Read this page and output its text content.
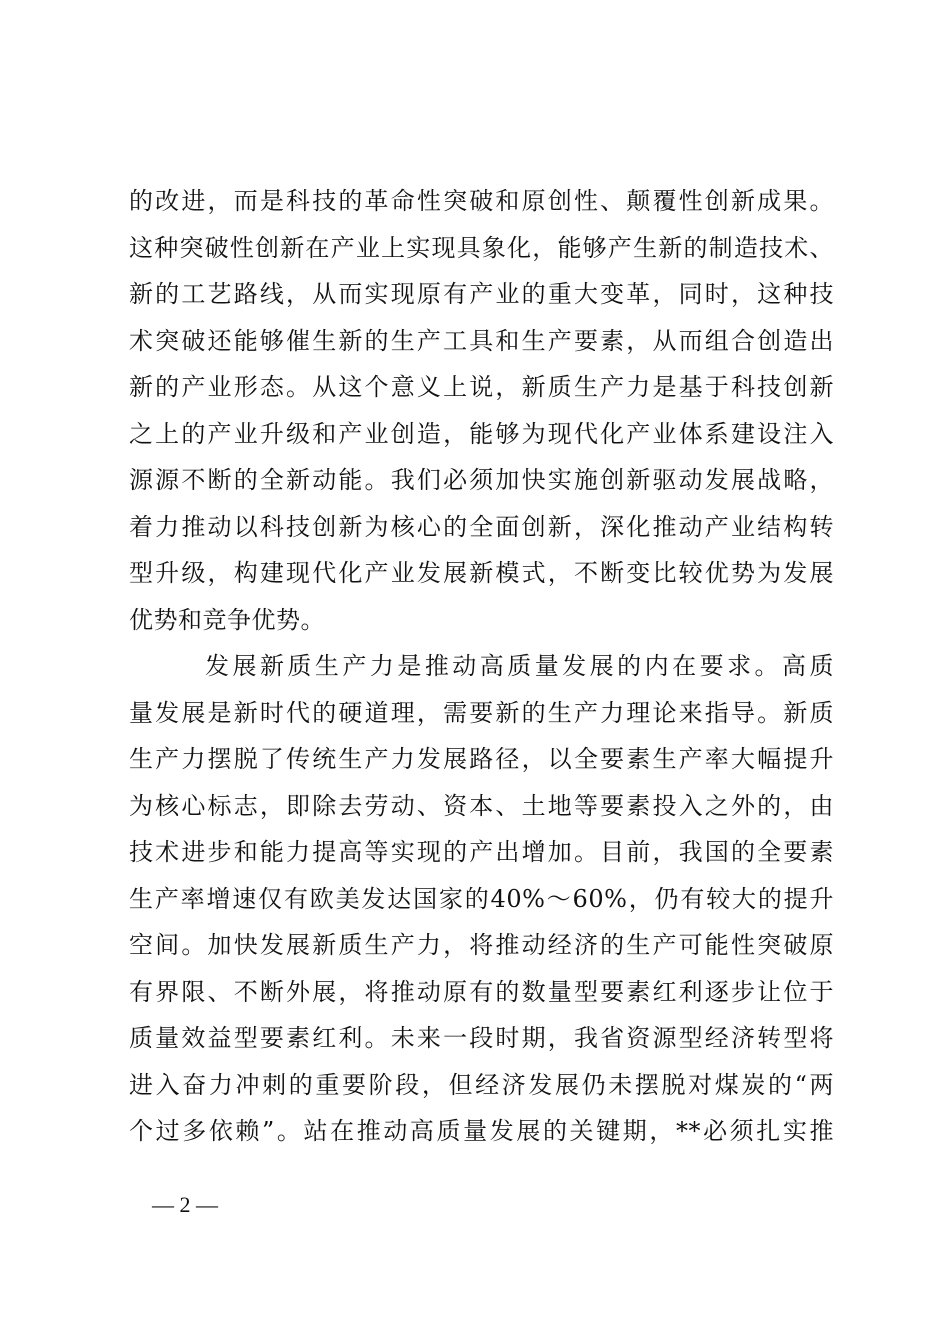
的改进，而是科技的革命性突破和原创性、颠覆性创新成果。
这种突破性创新在产业上实现具象化，能够产生新的制造技术、
新的工艺路线，从而实现原有产业的重大变革，同时，这种技
术突破还能够催生新的生产工具和生产要素，从而组合创造出
新的产业形态。从这个意义上说，新质生产力是基于科技创新
之上的产业升级和产业创造，能够为现代化产业体系建设注入
源源不断的全新动能。我们必须加快实施创新驱动发展战略，
着力推动以科技创新为核心的全面创新，深化推动产业结构转
型升级，构建现代化产业发展新模式，不断变比较优势为发展
优势和竞争优势。
发展新质生产力是推动高质量发展的内在要求。高质
量发展是新时代的硬道理，需要新的生产力理论来指导。新质
生产力摆脱了传统生产力发展路径，以全要素生产率大幅提升
为核心标志，即除去劳动、资本、土地等要素投入之外的，由
技术进步和能力提高等实现的产出增加。目前，我国的全要素
生产率增速仅有欧美发达国家的40%～60%，仍有较大的提升
空间。加快发展新质生产力，将推动经济的生产可能性突破原
有界限、不断外展，将推动原有的数量型要素红利逐步让位于
质量效益型要素红利。未来一段时期，我省资源型经济转型将
进入奋力冲刺的重要阶段，但经济发展仍未摆脱对煤炭的“两
个过多依赖”。站在推动高质量发展的关键期，**必须扎实推
— 2 —
